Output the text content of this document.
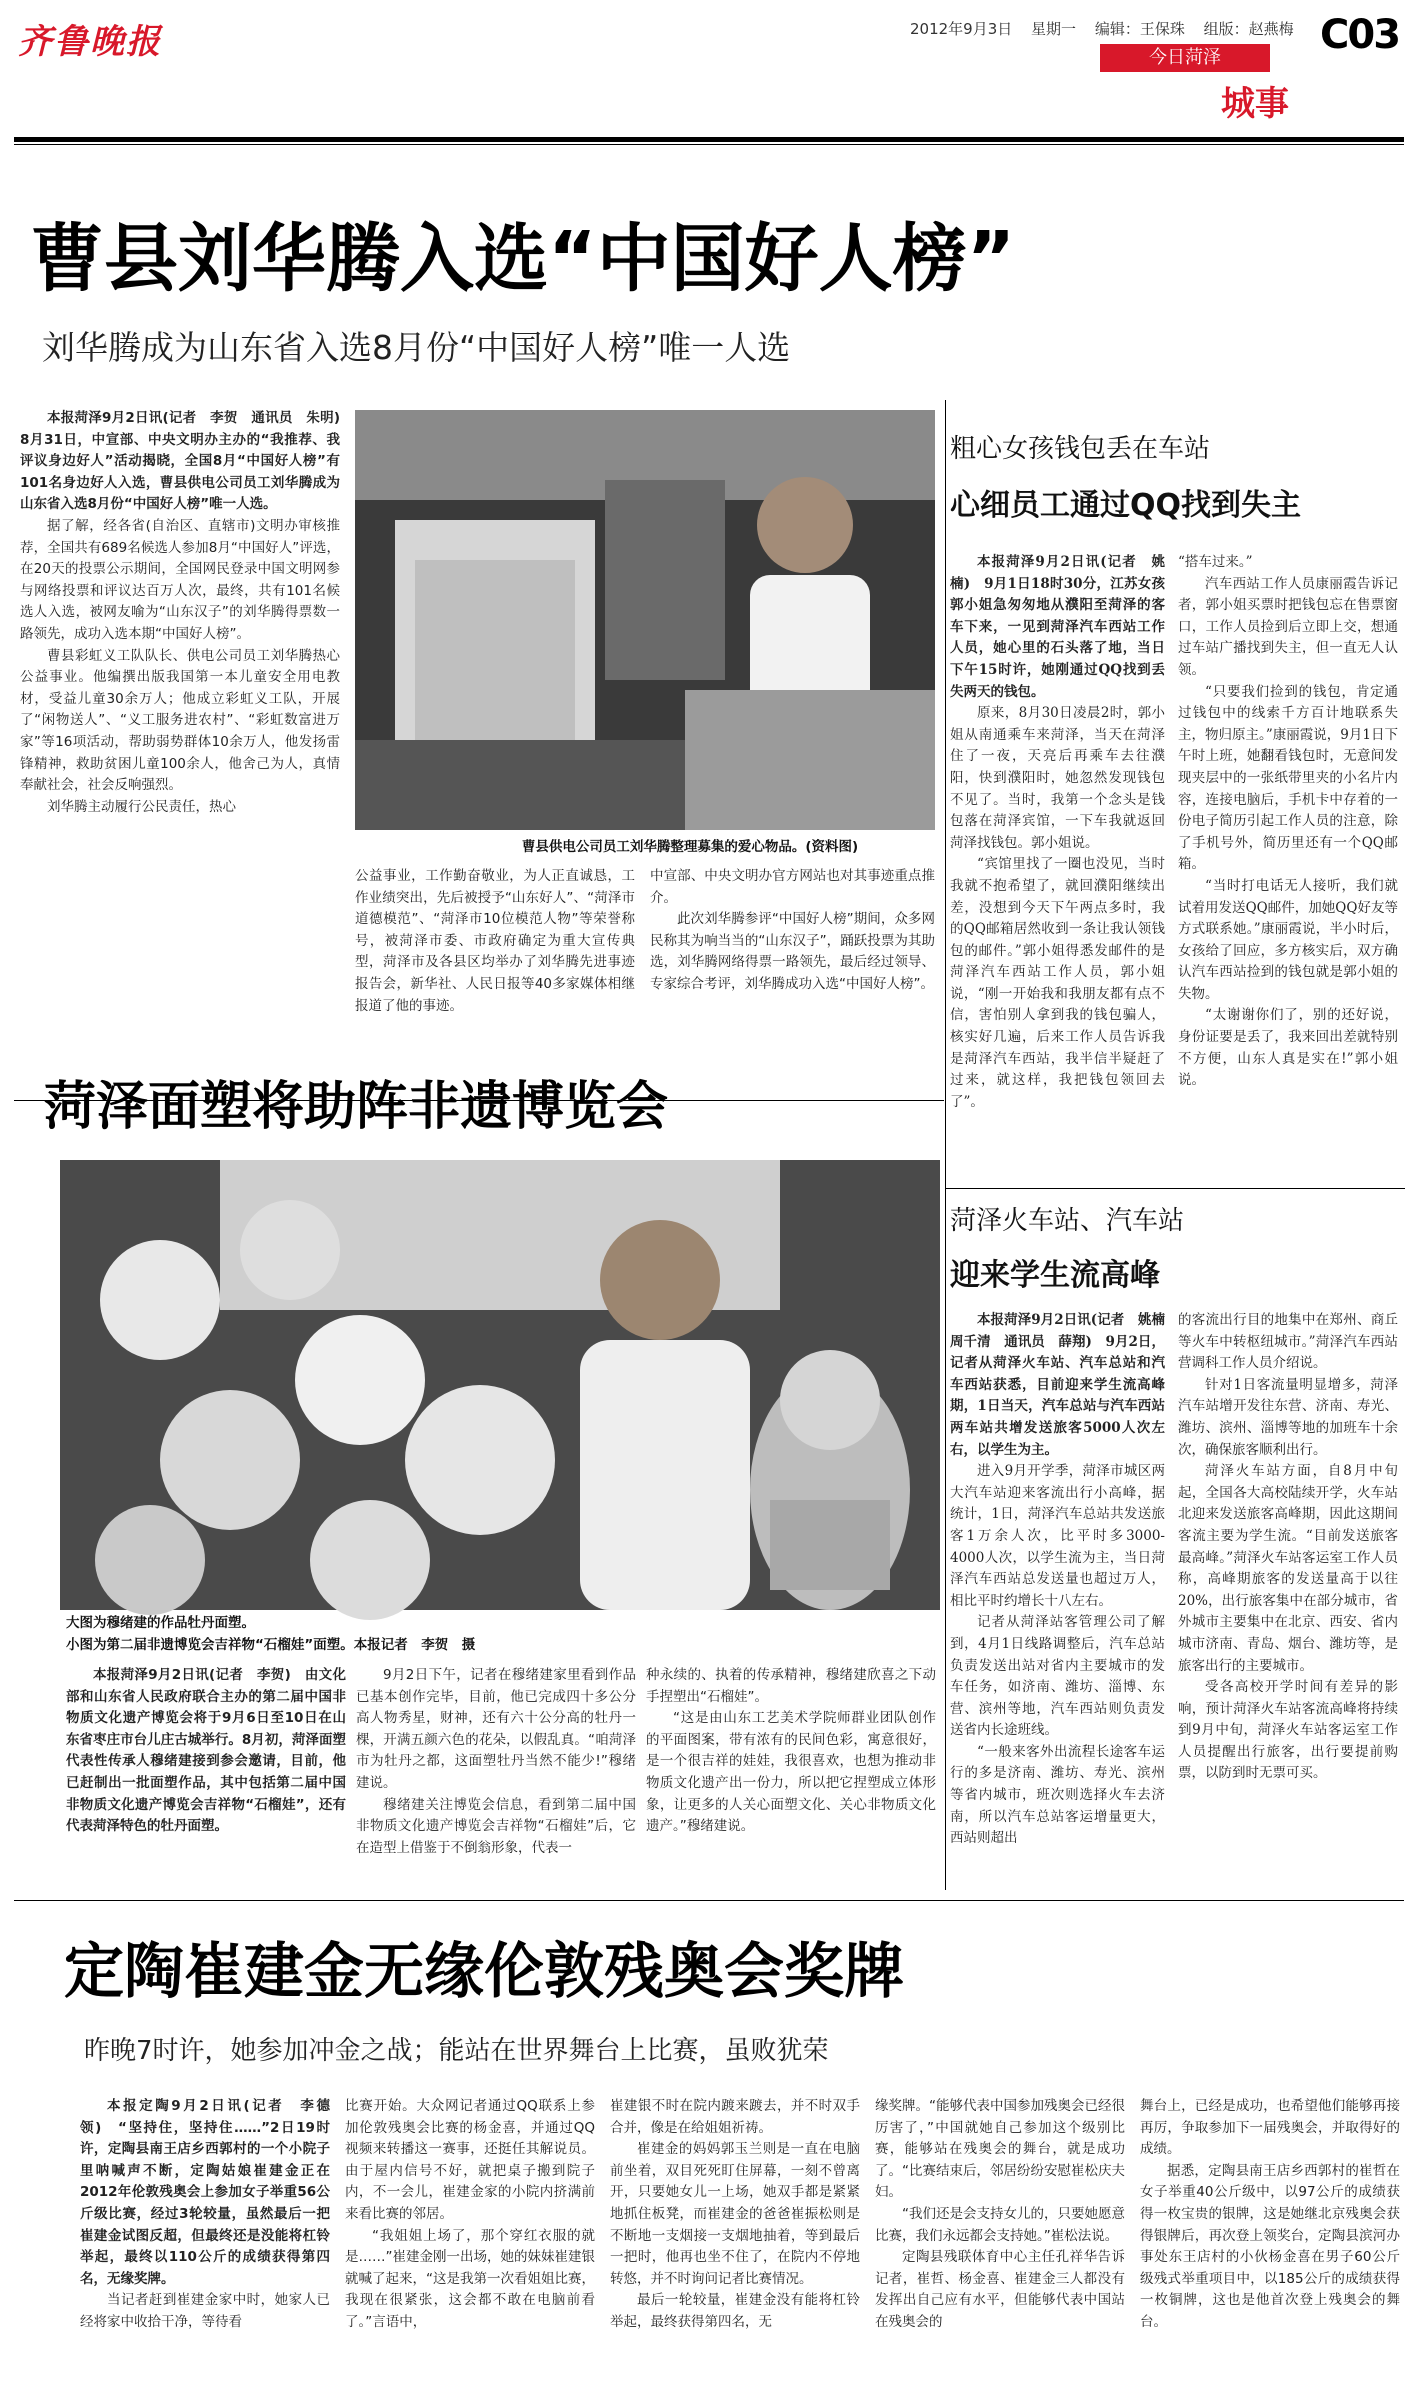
齐鲁晚报	2012年9月3日 星期一 编辑：王保珠 组版：赵燕梅 C03
今日菏泽
城事
曹县刘华腾入选“中国好人榜”
刘华腾成为山东省入选8月份“中国好人榜”唯一人选

本报菏泽9月2日讯(记者　李贺　通讯员　朱明)　8月31日，中宣部、中央文明办主办的“我推荐、我评议身边好人”活动揭晓，全国8月“中国好人榜”有101名身边好人入选，曹县供电公司员工刘华腾成为山东省入选8月份“中国好人榜”唯一人选。

据了解，经各省(自治区、直辖市)文明办审核推荐，全国共有689名候选人参加8月“中国好人”评选，在20天的投票公示期间，全国网民登录中国文明网参与网络投票和评议达百万人次，最终，共有101名候选人入选，被网友喻为“山东汉子”的刘华腾得票数一路领先，成功入选本期“中国好人榜”。

曹县彩虹义工队队长、供电公司员工刘华腾热心公益事业。他编撰出版我国第一本儿童安全用电教材，受益儿童30余万人；他成立彩虹义工队，开展了“闲物送人”、“义工服务进农村”、“彩虹数富进万家”等16项活动，帮助弱势群体10余万人，他发扬雷锋精神，救助贫困儿童100余人，他舍己为人，真情奉献社会，社会反响强烈。

刘华腾主动履行公民责任，热心

曹县供电公司员工刘华腾整理募集的爱心物品。(资料图)

公益事业，工作勤奋敬业，为人正直诚恳，工作业绩突出，先后被授予“山东好人”、“菏泽市道德模范”、“菏泽市10位模范人物”等荣誉称号，被菏泽市委、市政府确定为重大宣传典型，菏泽市及各县区均举办了刘华腾先进事迹报告会，新华社、人民日报等40多家媒体相继报道了他的事迹。

中宣部、中央文明办官方网站也对其事迹重点推介。

此次刘华腾参评“中国好人榜”期间，众多网民称其为响当当的“山东汉子”，踊跃投票为其助选，刘华腾网络得票一路领先，最后经过领导、专家综合考评，刘华腾成功入选“中国好人榜”。

粗心女孩钱包丢在车站
心细员工通过QQ找到失主

本报菏泽9月2日讯(记者　姚楠)　9月1日18时30分，江苏女孩郭小姐急匆匆地从濮阳至菏泽的客车下来，一见到菏泽汽车西站工作人员，她心里的石头落了地，当日下午15时许，她刚通过QQ找到丢失两天的钱包。

原来，8月30日凌晨2时，郭小姐从南通乘车来菏泽，当天在菏泽住了一夜，天亮后再乘车去往濮阳，快到濮阳时，她忽然发现钱包不见了。当时，我第一个念头是钱包落在菏泽宾馆，一下车我就返回菏泽找钱包。郭小姐说。

“宾馆里找了一圈也没见，当时我就不抱希望了，就回濮阳继续出差，没想到今天下午两点多时，我的QQ邮箱居然收到一条让我认领钱包的邮件。”郭小姐得悉发邮件的是菏泽汽车西站工作人员，郭小姐说，“刚一开始我和我朋友都有点不信，害怕别人拿到我的钱包骗人，核实好几遍，后来工作人员告诉我是菏泽汽车西站，我半信半疑赶了过来，就这样，我把钱包领回去了”。

“搭车过来。”

汽车西站工作人员康丽霞告诉记者，郭小姐买票时把钱包忘在售票窗口，工作人员捡到后立即上交，想通过车站广播找到失主，但一直无人认领。

“只要我们捡到的钱包，肯定通过钱包中的线索千方百计地联系失主，物归原主。”康丽霞说，9月1日下午时上班，她翻看钱包时，无意间发现夹层中的一张纸带里夹的小名片内容，连接电脑后，手机卡中存着的一份电子简历引起工作人员的注意，除了手机号外，简历里还有一个QQ邮箱。

“当时打电话无人接听，我们就试着用发送QQ邮件，加她QQ好友等方式联系她。”康丽霞说，半小时后，女孩给了回应，多方核实后，双方确认汽车西站捡到的钱包就是郭小姐的失物。

“太谢谢你们了，别的还好说，身份证要是丢了，我来回出差就特别不方便，山东人真是实在!”郭小姐说。

菏泽火车站、汽车站
迎来学生流高峰

本报菏泽9月2日讯(记者　姚楠　周千清　通讯员　薛翔)　9月2日，记者从菏泽火车站、汽车总站和汽车西站获悉，目前迎来学生流高峰期，1日当天，汽车总站与汽车西站两车站共增发送旅客5000人次左右，以学生为主。

进入9月开学季，菏泽市城区两大汽车站迎来客流出行小高峰，据统计，1日，菏泽汽车总站共发送旅客1万余人次，比平时多3000-4000人次，以学生流为主，当日菏泽汽车西站总发送量也超过万人，相比平时约增长十八左右。

记者从菏泽站客管理公司了解到，4月1日线路调整后，汽车总站负责发送出站对省内主要城市的发车任务，如济南、潍坊、淄博、东营、滨州等地，汽车西站则负责发送省内长途班线。

“一般来客外出流程长途客车运行的多是济南、潍坊、寿光、滨州等省内城市，班次则选择火车去济南，所以汽车总站客运增量更大，西站则超出

的客流出行目的地集中在郑州、商丘等火车中转枢纽城市。”菏泽汽车西站营调科工作人员介绍说。

针对1日客流量明显增多，菏泽汽车站增开发往东营、济南、寿光、潍坊、滨州、淄博等地的加班车十余次，确保旅客顺利出行。

菏泽火车站方面，自8月中旬起，全国各大高校陆续开学，火车站北迎来发送旅客高峰期，因此这期间客流主要为学生流。“目前发送旅客最高峰。”菏泽火车站客运室工作人员称，高峰期旅客的发送量高于以往20%，出行旅客集中在部分城市，省外城市主要集中在北京、西安、省内城市济南、青岛、烟台、潍坊等，是旅客出行的主要城市。

受各高校开学时间有差异的影响，预计菏泽火车站客流高峰将持续到9月中旬，菏泽火车站客运室工作人员提醒出行旅客，出行要提前购票，以防到时无票可买。

菏泽面塑将助阵非遗博览会
大图为穆绪建的作品牡丹面塑。
小图为第二届非遗博览会吉祥物“石榴娃”面塑。本报记者　李贺　摄

本报菏泽9月2日讯(记者　李贺)　由文化部和山东省人民政府联合主办的第二届中国非物质文化遗产博览会将于9月6日至10日在山东省枣庄市台儿庄古城举行。8月初，菏泽面塑代表性传承人穆绪建接到参会邀请，目前，他已赶制出一批面塑作品，其中包括第二届中国非物质文化遗产博览会吉祥物“石榴娃”，还有代表菏泽特色的牡丹面塑。

9月2日下午，记者在穆绪建家里看到作品已基本创作完毕，目前，他已完成四十多公分高人物秀星，财神，还有六十公分高的牡丹一棵，开满五颜六色的花朵，以假乱真。“咱菏泽市为牡丹之都，这面塑牡丹当然不能少!”穆绪建说。

穆绪建关注博览会信息，看到第二届中国非物质文化遗产博览会吉祥物“石榴娃”后，它在造型上借鉴于不倒翁形象，代表一

种永续的、执着的传承精神，穆绪建欣喜之下动手捏塑出“石榴娃”。

“这是由山东工艺美术学院师群业团队创作的平面图案，带有浓有的民间色彩，寓意很好，是一个很吉祥的娃娃，我很喜欢，也想为推动非物质文化遗产出一份力，所以把它捏塑成立体形象，让更多的人关心面塑文化、关心非物质文化遗产。”穆绪建说。

定陶崔建金无缘伦敦残奥会奖牌
昨晚7时许，她参加冲金之战；能站在世界舞台上比赛，虽败犹荣

本报定陶9月2日讯(记者　李德领)　“坚持住，坚持住……”2日19时许，定陶县南王店乡西郭村的一个小院子里呐喊声不断，定陶姑娘崔建金正在2012年伦敦残奥会上参加女子举重56公斤级比赛，经过3轮较量，虽然最后一把崔建金试图反超，但最终还是没能将杠铃举起，最终以110公斤的成绩获得第四名，无缘奖牌。

当记者赶到崔建金家中时，她家人已经将家中收拾干净，等待看

比赛开始。大众网记者通过QQ联系上参加伦敦残奥会比赛的杨金喜，并通过QQ视频来转播这一赛事，还挺任其解说员。由于屋内信号不好，就把桌子搬到院子内，不一会儿，崔建金家的小院内挤满前来看比赛的邻居。

“我姐姐上场了，那个穿红衣服的就是……”崔建金刚一出场，她的妹妹崔建银就喊了起来，“这是我第一次看姐姐比赛，我现在很紧张，这会都不敢在电脑前看了。”言语中，

崔建银不时在院内踱来踱去，并不时双手合并，像是在给姐姐祈祷。

崔建金的妈妈郭玉兰则是一直在电脑前坐着，双目死死盯住屏幕，一刻不曾离开，只要她女儿一上场，她双手都是紧紧地抓住板凳，而崔建金的爸爸崔振松则是不断地一支烟接一支烟地抽着，等到最后一把时，他再也坐不住了，在院内不停地转悠，并不时询问记者比赛情况。

最后一轮较量，崔建金没有能将杠铃举起，最终获得第四名，无

缘奖牌。“能够代表中国参加残奥会已经很厉害了，”中国就她自己参加这个级别比赛，能够站在残奥会的舞台，就是成功了。“比赛结束后，邻居纷纷安慰崔松庆夫妇。

“我们还是会支持女儿的，只要她愿意比赛，我们永远都会支持她。”崔松法说。

定陶县残联体育中心主任孔祥华告诉记者，崔哲、杨金喜、崔建金三人都没有发挥出自己应有水平，但能够代表中国站在残奥会的

舞台上，已经是成功，也希望他们能够再接再厉，争取参加下一届残奥会，并取得好的成绩。

据悉，定陶县南王店乡西郭村的崔哲在女子举重40公斤级中，以97公斤的成绩获得一枚宝贵的银牌，这是她继北京残奥会获得银牌后，再次登上领奖台，定陶县滨河办事处东王店村的小伙杨金喜在男子60公斤级残式举重项目中，以185公斤的成绩获得一枚铜牌，这也是他首次登上残奥会的舞台。
